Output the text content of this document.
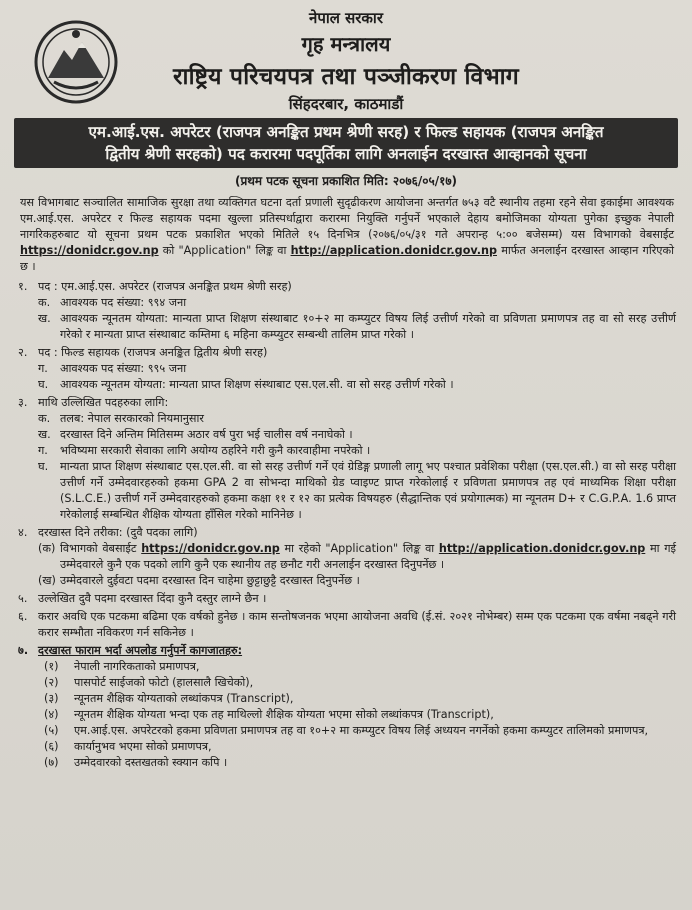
नेपाल सरकार
गृह मन्त्रालय
राष्ट्रिय परिचयपत्र तथा पञ्जीकरण विभाग
सिंहदरबार, काठमाडौं
एम.आई.एस. अपरेटर (राजपत्र अनङ्कित प्रथम श्रेणी सरह) र फिल्ड सहायक (राजपत्र अनङ्कित
द्वितीय श्रेणी सरहको) पद करारमा पदपूर्तिका लागि अनलाईन दरखास्त आव्हानको सूचना
(प्रथम पटक सूचना प्रकाशित मिति: २०७६/०५/१७)
यस विभागबाट सञ्चालित सामाजिक सुरक्षा तथा व्यक्तिगत घटना दर्ता प्रणाली सुदृढीकरण आयोजना अन्तर्गत ७५३ वटै स्थानीय तहमा रहने सेवा इकाईमा आवश्यक एम.आई.एस. अपरेटर र फिल्ड सहायक पदमा खुल्ला प्रतिस्पर्धाद्वारा करारमा नियुक्ति गर्नुपर्ने भएकाले देहाय बमोजिमका योग्यता पुगेका इच्छुक नेपाली नागरिकहरुबाट यो सूचना प्रथम पटक प्रकाशित भएको मितिले १५ दिनभित्र (२०७६/०५/३१ गते अपरान्ह ५:०० बजेसम्म) यस विभागको वेबसाईट https://donidcr.gov.np को "Application" लिङ्क वा http://application.donidcr.gov.np मार्फत अनलाईन दरखास्त आव्हान गरिएको छ ।
१. पद : एम.आई.एस. अपरेटर (राजपत्र अनङ्कित प्रथम श्रेणी सरह)
क. आवश्यक पद संख्या: ९९४ जना
ख. आवश्यक न्यूनतम योग्यता: मान्यता प्राप्त शिक्षण संस्थाबाट १०+२ मा कम्प्युटर विषय लिई उत्तीर्ण गरेको वा प्रविणता प्रमाणपत्र तह वा सो सरह उत्तीर्ण गरेको र मान्यता प्राप्त संस्थाबाट कम्तिमा ६ महिना कम्प्युटर सम्बन्धी तालिम प्राप्त गरेको ।
२. पद : फिल्ड सहायक (राजपत्र अनङ्कित द्वितीय श्रेणी सरह)
ग.	आवश्यक पद संख्या: ९९५ जना
घ.	आवश्यक न्यूनतम योग्यता: मान्यता प्राप्त शिक्षण संस्थाबाट एस.एल.सी. वा सो सरह उत्तीर्ण गरेको ।
३. माथि उल्लिखित पदहरुका लागि:
क. तलब: नेपाल सरकारको नियमानुसार
ख. दरखास्त दिने अन्तिम मितिसम्म अठार वर्ष पुरा भई चालीस वर्ष ननाघेको ।
ग.	भविष्यमा सरकारी सेवाका लागि अयोग्य ठहरिने गरी कुनै कारवाहीमा नपरेको ।
घ.	मान्यता प्राप्त शिक्षण संस्थाबाट एस.एल.सी. वा सो सरह उत्तीर्ण गर्ने एवं ग्रेडिङ्ग प्रणाली लागू भए पश्चात प्रवेशिका परीक्षा (एस.एल.सी.) वा सो सरह परीक्षा उत्तीर्ण गर्ने उम्मेदवारहरुको हकमा GPA 2 वा सोभन्दा माथिको ग्रेड प्वाइण्ट प्राप्त गरेकोलाई र प्रविणता प्रमाणपत्र तह एवं माध्यमिक शिक्षा परीक्षा (S.L.C.E.) उत्तीर्ण गर्ने उम्मेदवारहरुको हकमा कक्षा ११ र १२ का प्रत्येक विषयहरु (सैद्धान्तिक एवं प्रयोगात्मक) मा न्यूनतम D+ र C.G.P.A. 1.6 प्राप्त गरेकोलाई सम्बन्धित शैक्षिक योग्यता हाँसिल गरेको मानिनेछ ।
४. दरखास्त दिने तरीका: (दुवै पदका लागि)
(क) विभागको वेबसाईट https://donidcr.gov.np मा रहेको "Application" लिङ्क वा http://application.donidcr.gov.np मा गई उम्मेदवारले कुनै एक पदको लागि कुनै एक स्थानीय तह छनौट गरी अनलाईन दरखास्त दिनुपर्नेछ ।
(ख) उम्मेदवारले दुईवटा पदमा दरखास्त दिन चाहेमा छुट्टाछुट्टै दरखास्त दिनुपर्नेछ ।
५. उल्लेखित दुवै पदमा दरखास्त दिंदा कुनै दस्तुर लाग्ने छैन ।
६. करार अवधि एक पटकमा बढिमा एक वर्षको हुनेछ । काम सन्तोषजनक भएमा आयोजना अवधि (ई.सं. २०२१ नोभेम्बर) सम्म एक पटकमा एक वर्षमा नबढ्ने गरी करार सम्भौता नविकरण गर्न सकिनेछ ।
७. दरखास्त फाराम भर्दा अपलोड गर्नुपर्ने कागजातहरु:
(१)	नेपाली नागरिकताको प्रमाणपत्र,
(२)	पासपोर्ट साईजको फोटो (हालसालै खिचेको),
(३)	न्यूनतम शैक्षिक योग्यताको लब्धांकपत्र (Transcript),
(४)	न्यूनतम शैक्षिक योग्यता भन्दा एक तह माथिल्लो शैक्षिक योग्यता भएमा सोको लब्धांकपत्र (Transcript),
(५)	एम.आई.एस. अपरेटरको हकमा प्रविणता प्रमाणपत्र तह वा १०+२ मा कम्प्युटर विषय लिई अध्ययन नगर्नेको हकमा कम्प्युटर तालिमको प्रमाणपत्र,
(६)	कार्यानुभव भएमा सोको प्रमाणपत्र,
(७)	उम्मेदवारको दस्तखतको स्क्यान कपि ।
